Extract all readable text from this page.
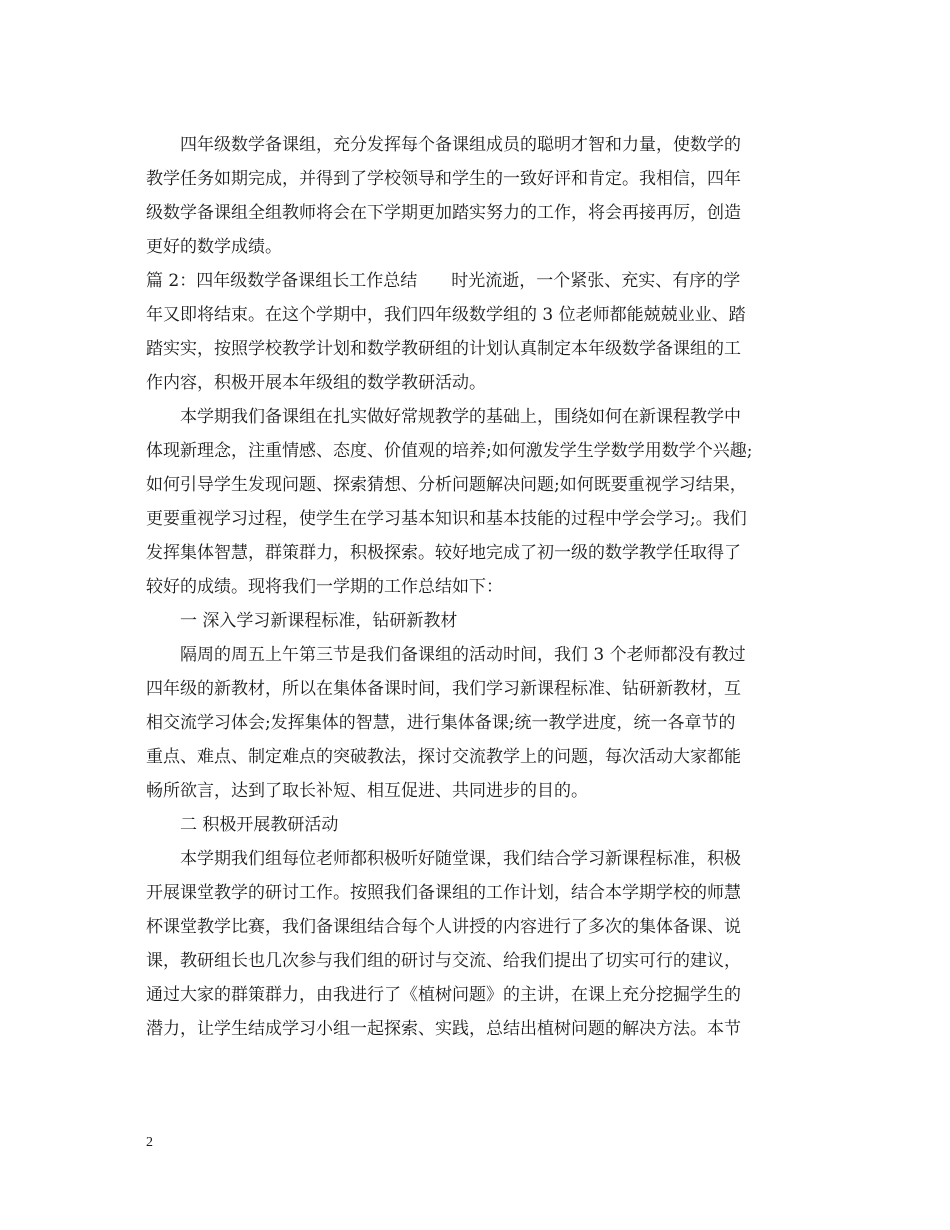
　　四年级数学备课组，充分发挥每个备课组成员的聪明才智和力量，使数学的
教学任务如期完成，并得到了学校领导和学生的一致好评和肯定。我相信，四年
级数学备课组全组教师将会在下学期更加踏实努力的工作，将会再接再厉，创造
更好的数学成绩。
篇 2：四年级数学备课组长工作总结　　时光流逝，一个紧张、充实、有序的学
年又即将结束。在这个学期中，我们四年级数学组的 3 位老师都能兢兢业业、踏
踏实实，按照学校教学计划和数学教研组的计划认真制定本年级数学备课组的工
作内容，积极开展本年级组的数学教研活动。
　　本学期我们备课组在扎实做好常规教学的基础上，围绕如何在新课程教学中
体现新理念，注重情感、态度、价值观的培养;如何激发学生学数学用数学个兴趣;
如何引导学生发现问题、探索猜想、分析问题解决问题;如何既要重视学习结果，
更要重视学习过程，使学生在学习基本知识和基本技能的过程中学会学习;。我们
发挥集体智慧，群策群力，积极探索。较好地完成了初一级的数学教学任取得了
较好的成绩。现将我们一学期的工作总结如下：
　　一 深入学习新课程标准，钻研新教材
　　隔周的周五上午第三节是我们备课组的活动时间，我们 3 个老师都没有教过
四年级的新教材，所以在集体备课时间，我们学习新课程标准、钻研新教材，互
相交流学习体会;发挥集体的智慧，进行集体备课;统一教学进度，统一各章节的
重点、难点、制定难点的突破教法，探讨交流教学上的问题，每次活动大家都能
畅所欲言，达到了取长补短、相互促进、共同进步的目的。
　　二 积极开展教研活动
　　本学期我们组每位老师都积极听好随堂课，我们结合学习新课程标准，积极
开展课堂教学的研讨工作。按照我们备课组的工作计划，结合本学期学校的师慧
杯课堂教学比赛，我们备课组结合每个人讲授的内容进行了多次的集体备课、说
课，教研组长也几次参与我们组的研讨与交流、给我们提出了切实可行的建议，
通过大家的群策群力，由我进行了《植树问题》的主讲，在课上充分挖掘学生的
潜力，让学生结成学习小组一起探索、实践，总结出植树问题的解决方法。本节
2
